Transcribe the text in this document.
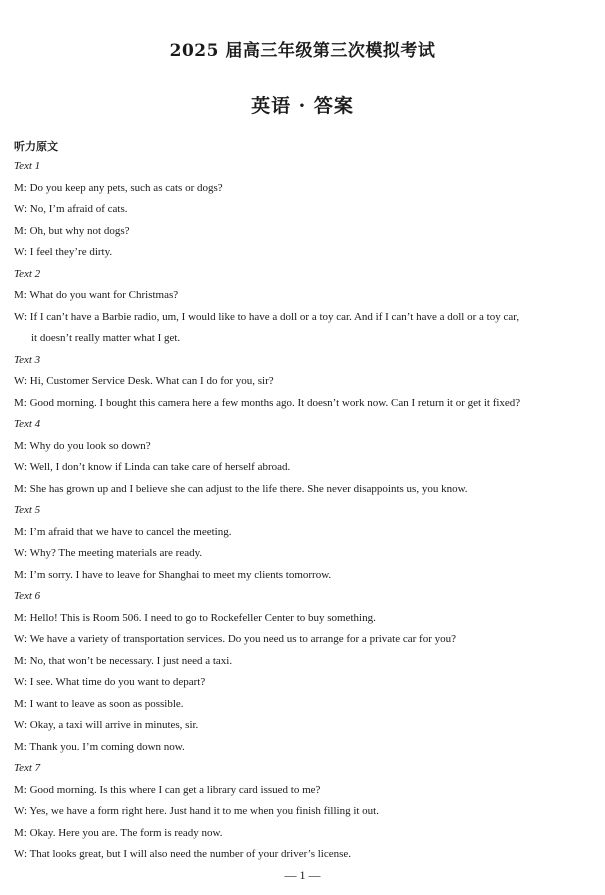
2025 届高三年级第三次模拟考试
英语 · 答案
听力原文
Text 1
M: Do you keep any pets, such as cats or dogs?
W: No, I’m afraid of cats.
M: Oh, but why not dogs?
W: I feel they’re dirty.
Text 2
M: What do you want for Christmas?
W: If I can’t have a Barbie radio, um, I would like to have a doll or a toy car. And if I can’t have a doll or a toy car,
it doesn’t really matter what I get.
Text 3
W: Hi, Customer Service Desk. What can I do for you, sir?
M: Good morning. I bought this camera here a few months ago. It doesn’t work now. Can I return it or get it fixed?
Text 4
M: Why do you look so down?
W: Well, I don’t know if Linda can take care of herself abroad.
M: She has grown up and I believe she can adjust to the life there. She never disappoints us, you know.
Text 5
M: I’m afraid that we have to cancel the meeting.
W: Why? The meeting materials are ready.
M: I’m sorry. I have to leave for Shanghai to meet my clients tomorrow.
Text 6
M: Hello! This is Room 506. I need to go to Rockefeller Center to buy something.
W: We have a variety of transportation services. Do you need us to arrange for a private car for you?
M: No, that won’t be necessary. I just need a taxi.
W: I see. What time do you want to depart?
M: I want to leave as soon as possible.
W: Okay, a taxi will arrive in minutes, sir.
M: Thank you. I’m coming down now.
Text 7
M: Good morning. Is this where I can get a library card issued to me?
W: Yes, we have a form right here. Just hand it to me when you finish filling it out.
M: Okay. Here you are. The form is ready now.
W: That looks great, but I will also need the number of your driver’s license.
— 1 —
